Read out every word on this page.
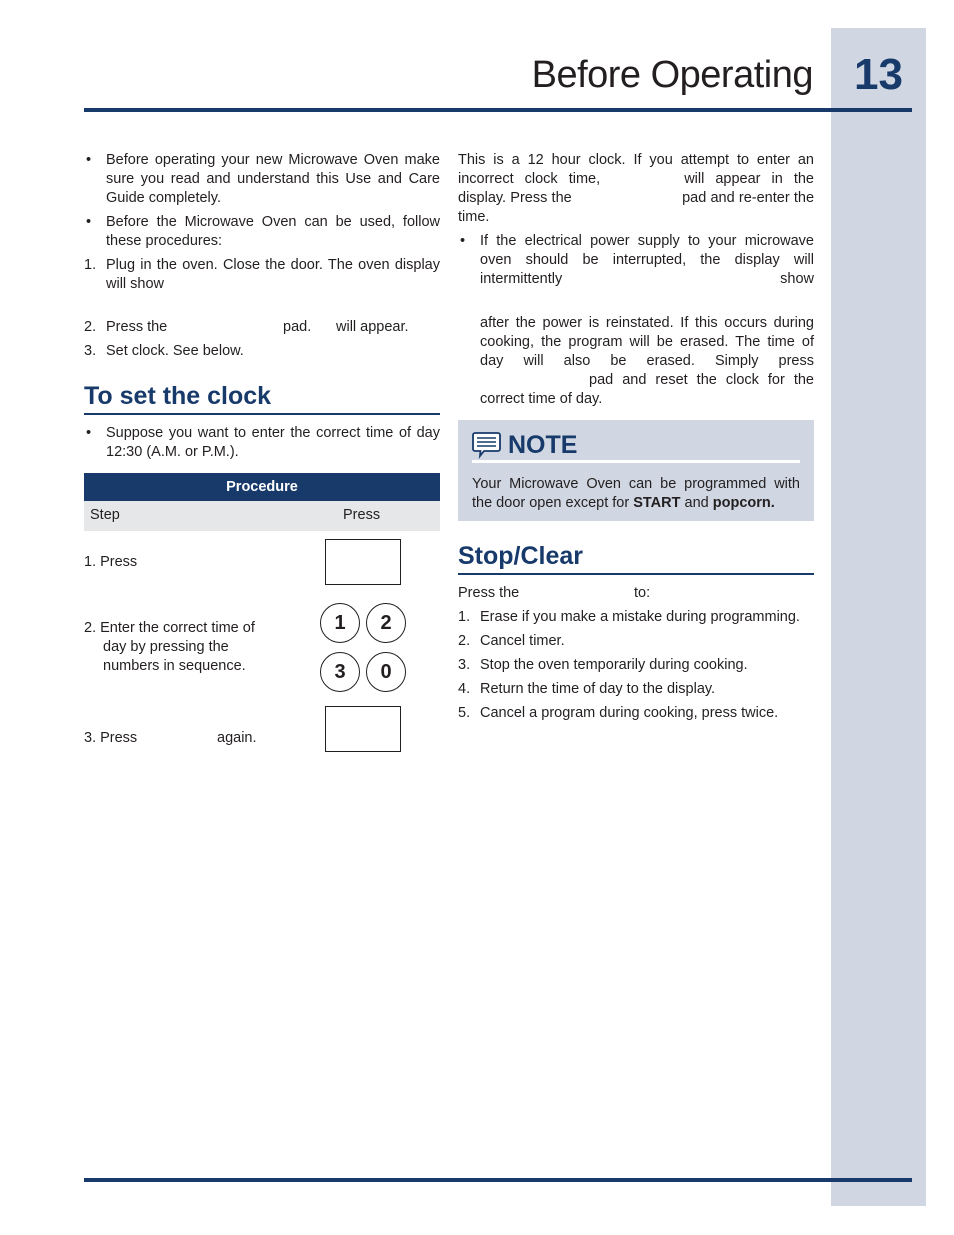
13
Before Operating
• Before operating your new Microwave Oven make sure you read and understand this Use and Care Guide completely.
• Before the Microwave Oven can be used, follow these procedures:
1. Plug in the oven. Close the door. The oven display will show
2. Press the	pad. will appear.
3. Set clock. See below.
To set the clock
• Suppose you want to enter the correct time of day 12:30 (A.M. or P.M.).
Procedure
Step	Press
1. Press
2. Enter the correct time of
day by pressing the
numbers in sequence.
1	2
3	0
3. Press	again.

This is a 12 hour clock. If you attempt to enter an incorrect clock time,	will appear in the display. Press the	pad and re-enter the time.

• If the electrical power supply to your microwave oven should be interrupted, the display will intermittently show  after the power is reinstated. If this occurs during cooking, the program will be erased. The time of day will also be erased. Simply press  pad and reset the clock for the correct time of day.
NOTE

Your Microwave Oven can be programmed with the door open except for START and popcorn.

Stop/Clear
Press the	to:
1. Erase if you make a mistake during programming.
2. Cancel timer.
3. Stop the oven temporarily during cooking.
4. Return the time of day to the display.
5. Cancel a program during cooking, press twice.
